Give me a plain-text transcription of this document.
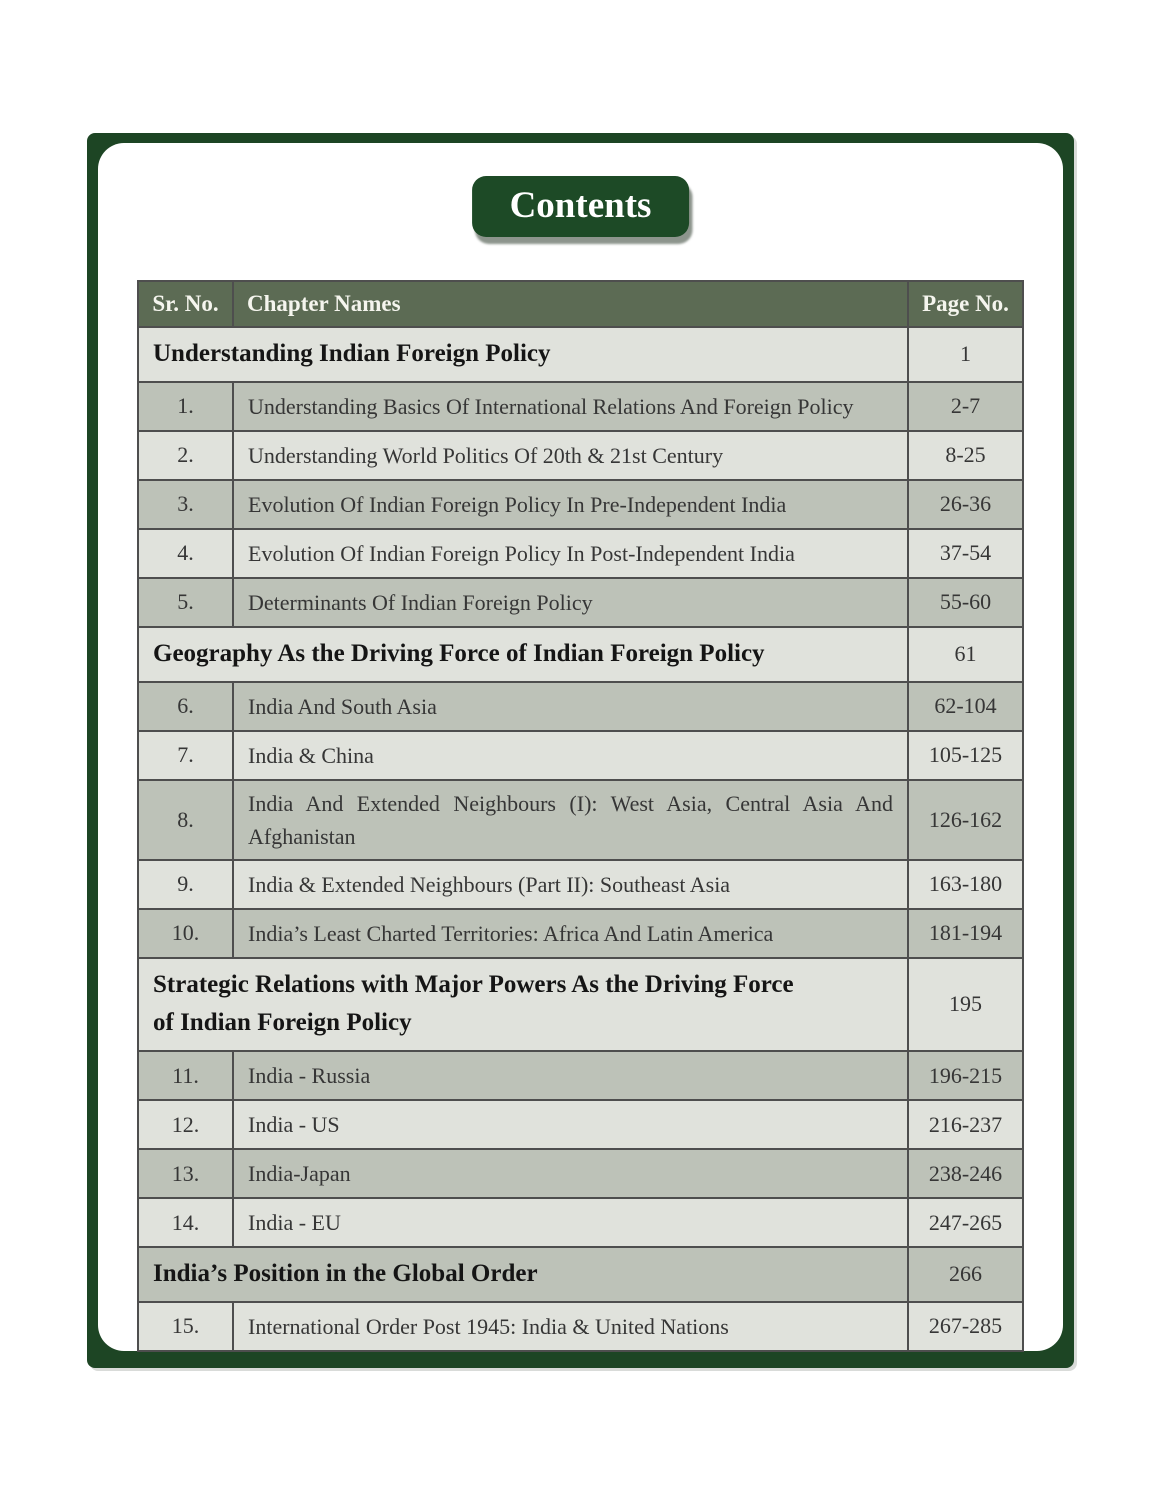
Contents
Sr. No.	Chapter Names	Page No.
Understanding Indian Foreign Policy		1
1.	Understanding Basics Of International Relations And Foreign Policy	2-7
2.	Understanding World Politics Of 20th & 21st Century	8-25
3.	Evolution Of Indian Foreign Policy In Pre-Independent India	26-36
4.	Evolution Of Indian Foreign Policy In Post-Independent India	37-54
5.	Determinants Of Indian Foreign Policy	55-60
Geography As the Driving Force of Indian Foreign Policy		61
6.	India And South Asia	62-104
7.	India & China	105-125
8.	India And Extended Neighbours (I): West Asia, Central Asia And Afghanistan	126-162
9.	India & Extended Neighbours (Part II): Southeast Asia	163-180
10.	India’s Least Charted Territories: Africa And Latin America	181-194
Strategic Relations with Major Powers As the Driving Force of Indian Foreign Policy		195
11.	India - Russia	196-215
12.	India - US	216-237
13.	India-Japan	238-246
14.	India - EU	247-265
India’s Position in the Global Order		266
15.	International Order Post 1945: India & United Nations	267-285
